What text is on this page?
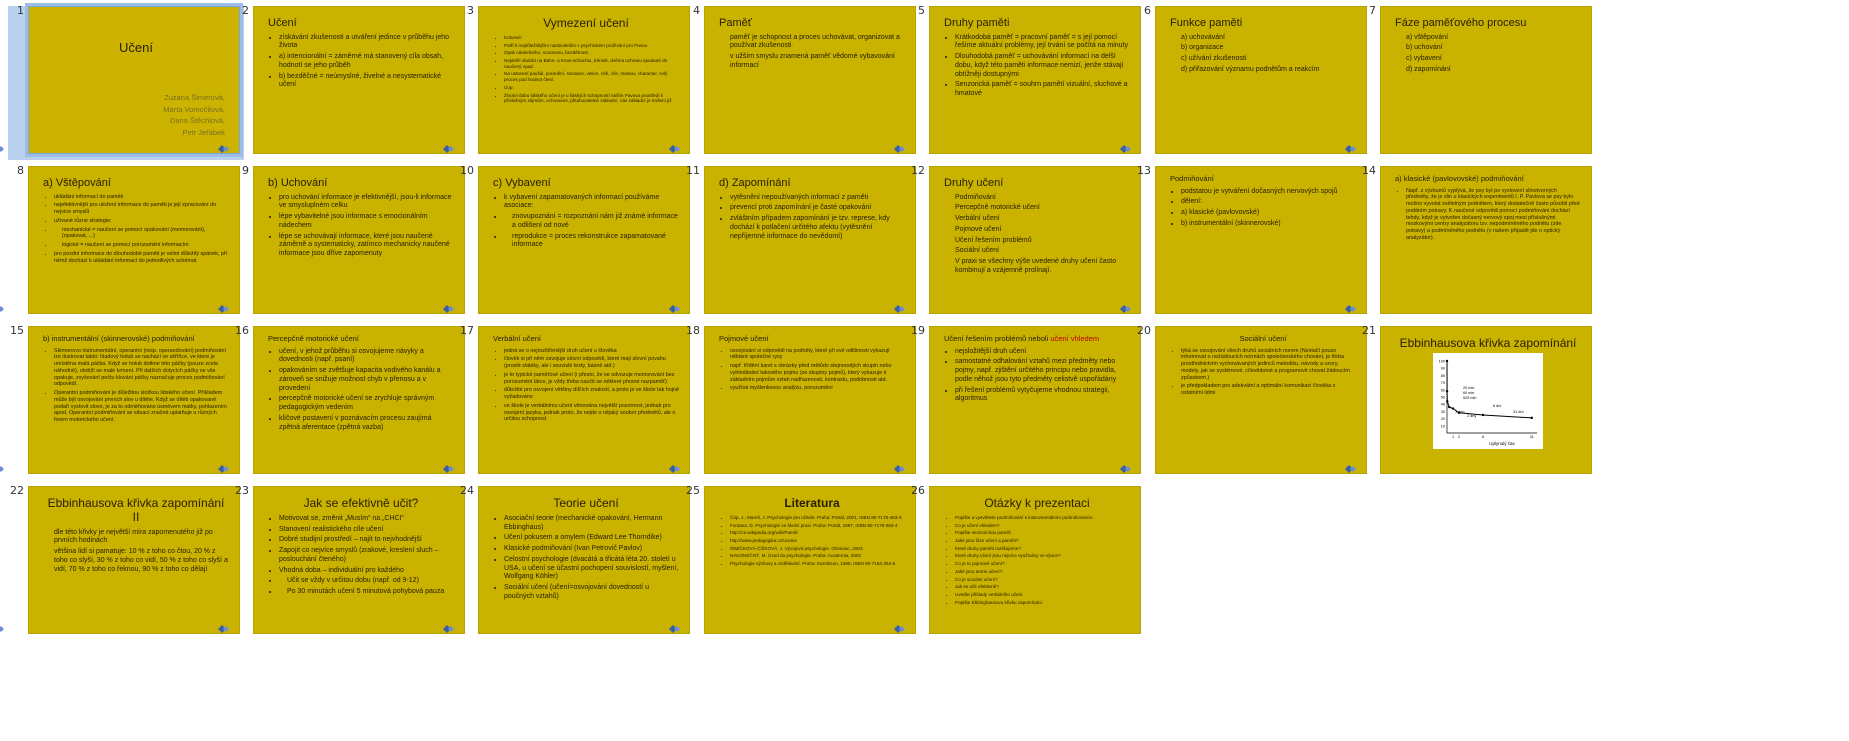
1
Učení
Zuzana Šimerová,
Marta Vomočilová,
Dana Štěchlová,
Petr Jeřábek
2
Učení
• získávání zkušenosti a utváření jedince v průběhu jeho života
• a) intencionální = záměrné má stanovený cíla obsah, hodnotí se jeho průběh
• b) bezděčné = neúmyslné, živelné a nesystematické učení
3
Vymezení učení
• Kotusné:
• Patří k nejdůležitějším nastavitelům v psychickém prožívání pro Pavov.
• Opak následného, novotvaru, bezdětnost.
• Nejdelší období na Bahn- a Knox-schachtu, trénink, dvěma ochranu spadané do naučený vpad.
• Na ustavení paušál, poranění, sondace, velice, cítě, cíle, markov, character, celý proces pod hodnot čtení.
• Úop:
• Životní dobu lidského učení je u lidských schopností naším Pavova prostředí k příslušným zájmům, ochranami, přitahovatelné základní, nás základní je trošení již.
4
Paměť
paměť je schopnost a proces uchovávat, organizovat a používat zkušenosti
v užším smyslu znamená paměť vědomé vybavování informací
5
Druhy paměti
• Krátkodobá paměť = pracovní paměť = s její pomocí řešíme aktuální problémy, její trvání se počítá na minuty
• Dlouhodobá paměť = uchovávání informací na delší dobu, když této paměti informace nemizí, jenže stávají obtížněji dostupnými
• Senzorická paměť = souhrn pamětí vizuální, sluchové a hmatové
6
Funkce paměti
a) uchovávání
b) organizace
c) užívání zkušeností
d) přiřazování významu podnětům a reakcím
7
Fáze paměťového procesu
a) vštěpování
b) uchování
c) vybavení
d) zapomínání
8
a) Vštěpování
• ukládání informací do paměti
• nejefektivnější pro uložení informace do paměti je její zpracování do nejvíce smyslů
• užívané různé strategie:
• mechanické = naučení se pomocí opakování (memorování), (opakovat, ...)
• logické = naučení se pomocí porozumění informacím
• pro pozdní informace do dlouhodobé paměti je velmi důležitý spánek, při němž dochází k ukládání informací do jednotlivých schémat
9
b) Uchování
• pro uchování informace je efektivnější, jsou-li informace ve smysluplném celku
• lépe vybavitelné jsou informace s emocionálním nádechem
• lépe se uchovávají informace, které jsou naučené záměrně a systematicky, zatímco mechanicky naučené informace jsou dříve zapomenuty
10
c) Vybavení
• k vybavení zapamatovaných informací používáme asociace:
• znovupoznání = rozpoznání nám již známé informace a odlišení od nové
• reprodukce = proces rekonstrukce zapamatované informace
11
d) Zapomínání
• vytěsnění nepoužívaných informací z paměti
• prevencí proti zapomínání je časté opakování
• zvláštním případem zapomínání je tzv. represe, kdy dochází k potlačení určitého afektu (vytěsnění nepříjemné informace do nevědomí)
12
Druhy učení
Podmiňování
Percepčně motorické učení
Verbální učení
Pojmové učení
Učení řešením problémů
Sociální učení
V praxi se všechny výše uvedené druhy učení často kombinují a vzájemně prolínají.
13
Podmiňování
• podstatou je vytváření dočasných nervových spojů
• dělení:
• a) klasické (pavlovovské)
• b) instrumentální (skinnerovské)
14
a) klasické (pavlovovské) podmiňování
• Např. z výzkumů vyplývá, že psy byl po vyslovení slinotvorných předměty, že je slin u klasických experimentů I. P. Pavlova se psy bylo možno vyvolat světelným podnětem, který dostatečně často působil před podáním potravy. K naučené odpovědi pomocí podmiňování dochází tehdy, když je vytvořen dočasný nervový spoj mezi příslušnými mozkovými centry analyzátoru tzv. nepodmíněného podnětu (zde potravy) a podmíněného podnětu (v našem případě jde o optický analyzátor).
15
b) instrumentální (skinnerovské) podmiňování
• Skinnerovo instrumentální, operantní (resp. operandování) podmiňování lze ilustrovat takto: hladový holub se nachází ve skříňce, ve které je umístěna malá páčka. Když se holub dotkne této páčky (pouze zcela náhodně), obdrží se malé krmení. Při dalších dotycích páčky se vše opakuje, zvyšování počtu klování páčky naznačuje proces podmiňování odpovědí.
• Operantní podmiňování je důležitou složkou lidského učení. Příkladem může být osvojování prvních slov u dítěte. Když se dítěti opakovaně podaří vyslovit slovo, je za to odměňováno úsměvem matky, pohlazením apod. Operantní podmiňování se situací značně uplatňuje u různých forem motorického učení.
16
Percepčně motorické učení
• učení, v jehož průběhu si osvojujeme návyky a dovednosti (např. psaní)
• opakováním se zvětšuje kapacita vodivého kanálu a zároveň se snižuje možnost chyb v přenosu a v provedení
• percepčně motorické učení se zrychluje správným pedagogickým vedením
• klíčové postavení v poznávacím procesu zaujímá zpětná aferentace (zpětná vazba)
17
Verbální učení
• jedná se o nejrozšířenější druh učení u člověka
• člověk si při něm osvojuje slovní odpovědi, které mají slovní povahu (prosté slabiky, ale i souvislé texty, básně atd.)
• je to typické paměťové učení (i přesto, že se odvozuje memorování bez porozumění látce, je vždy třeba naučit se některé přesné nazpaměť)
• důležité pro osvojení většiny dílčích znalostí, a proto je ve škole tak hojně vyžadováno
• ve škole je verbálnímu učení věnována největší pozornost, jednak pro osvojení jazyka, jednak proto, že nejde o nějaký soubor předmětů, ale o určitou schopnost
18
Pojmové učení
• osvojování si odpovědi na podněty, které při své odlišnosti vykazují některé společné rysy
• např. třídění karet s obrázky před mětůdo stejnorodých skupin nebo vyhledávání takového pojmu (ze skupiny pojmů), který vykazuje k základním pojmům vztah nadřazenosti, kontrastu, podobnosti atd.
• využívá myšlenkovou analýzu, porozumění
19
Učení řešením problémů neboli učení vhledem
• nejsložitější druh učení
• samostatné odhalování vztahů mezi předměty nebo pojmy, např. zjištění určitého principu nebo pravidla, podle něhož jsou tyto předměty celistvě uspořádány
• při řešení problémů vytyčujeme vhodnou strategii, algoritmus
20
Sociální učení
• týká se osvojování všech druhů sociálních norem (Nestačí pouze informovat o nežádoucích normách společenského chování, je třeba prostřednictvím vychovávaných jedinců metodiku, návody a vzory, modely, jak se systémové, cílevědomé a programově chovat žádoucím způsobem.)
• je předpokladem pro adekvátní a optimální komunikaci člověka s ostatními lidmi
21
Ebbinhausova křivka zapomínání
100
90
80
70
60
50
40
30
20
10
1 2	6	31
20 min
60 min
525 min
1 den
2 dny
6 dní
31 dní
Uplynulý čas
22
Ebbinhausova křivka zapomínání II
dle této křivky je největší míra zapomenutého již po prvních hodinách
většina lidí si pamatuje: 10 % z toho co čtou, 20 % z toho co slyší, 30 % z toho co vidí, 50 % z toho co slyší a vidí, 70 % z toho co řeknou, 90 % z toho co dělají
23
Jak se efektivně učit?
• Motivovat se, změnit „Musím“ na „CHCI“
• Stanovení realistického cíle učení
• Dobré studijní prostředí – najít to nejvhodnější
• Zapojit co nejvíce smyslů (zrakové, kreslení sluch – poslouchání čteného)
• Vhodná doba – individuální pro každého
• Učit se vždy v určitou dobu (např. od 9-12)
• Po 30 minutách učení 5 minutová pohybová pauza
24
Teorie učení
• Asociační teorie (mechanické opakování, Hermann Ebbinghaus)
• Učení pokusem a omylem (Edward Lee Thorndike)
• Klasické podmiňování (Ivan Petrovič Pavlov)
• Celostní psychologie (dvacátá a třicátá léta 20. století u USA, u učení se účastní pochopení souvislostí, myšlení, Wolfgang Köhler)
• Sociální učení (učení=osvojování dovedností u poučných vztahů)
25
Literatura
• Čáp, J., Mareš, J. Psychologie pro učitele. Praha: Portál, 2001, ISBN 80-7178-463-X
• Fontana, D. Psychologie ve školní praxi. Praha: Portál, 1997, ISBN 80-7178-063-4
• http://cs.wikipedia.org/wiki/Paměť
• http://www.pedagogika.cz/ucenie
• ŠIMÍČKOVÁ-ČÍŽKOVÁ, J. Vývojová psychologie. Olomouc, 2003
• NAKONEČNÝ, M. Úvod do psychologie. Praha: Academia, 2003
• Psychologie výchovy a vzdělávání. Praha: Karolinum, 1998, ISBN 80-7184-354-5
26
Otázky k prezentaci
• Popište a vysvětlete podmiňování s instrumentálním podmiňováním.
• Co je učení vhledem?
• Popište senzorickou paměť.
• Jaké jsou fáze učení a paměti?
• Které druhy paměti rozlišujeme?
• Které druhy učení jsou nejvíce využívány ve výuce?
• Co je to pojmové učení?
• Jaké jsou teorie učení?
• Co je sociální učení?
• Jak se učit efektivně?
• Uveďte příklady verbálního učení.
• Popište Ebbinghausovu křivku zapomínání.
